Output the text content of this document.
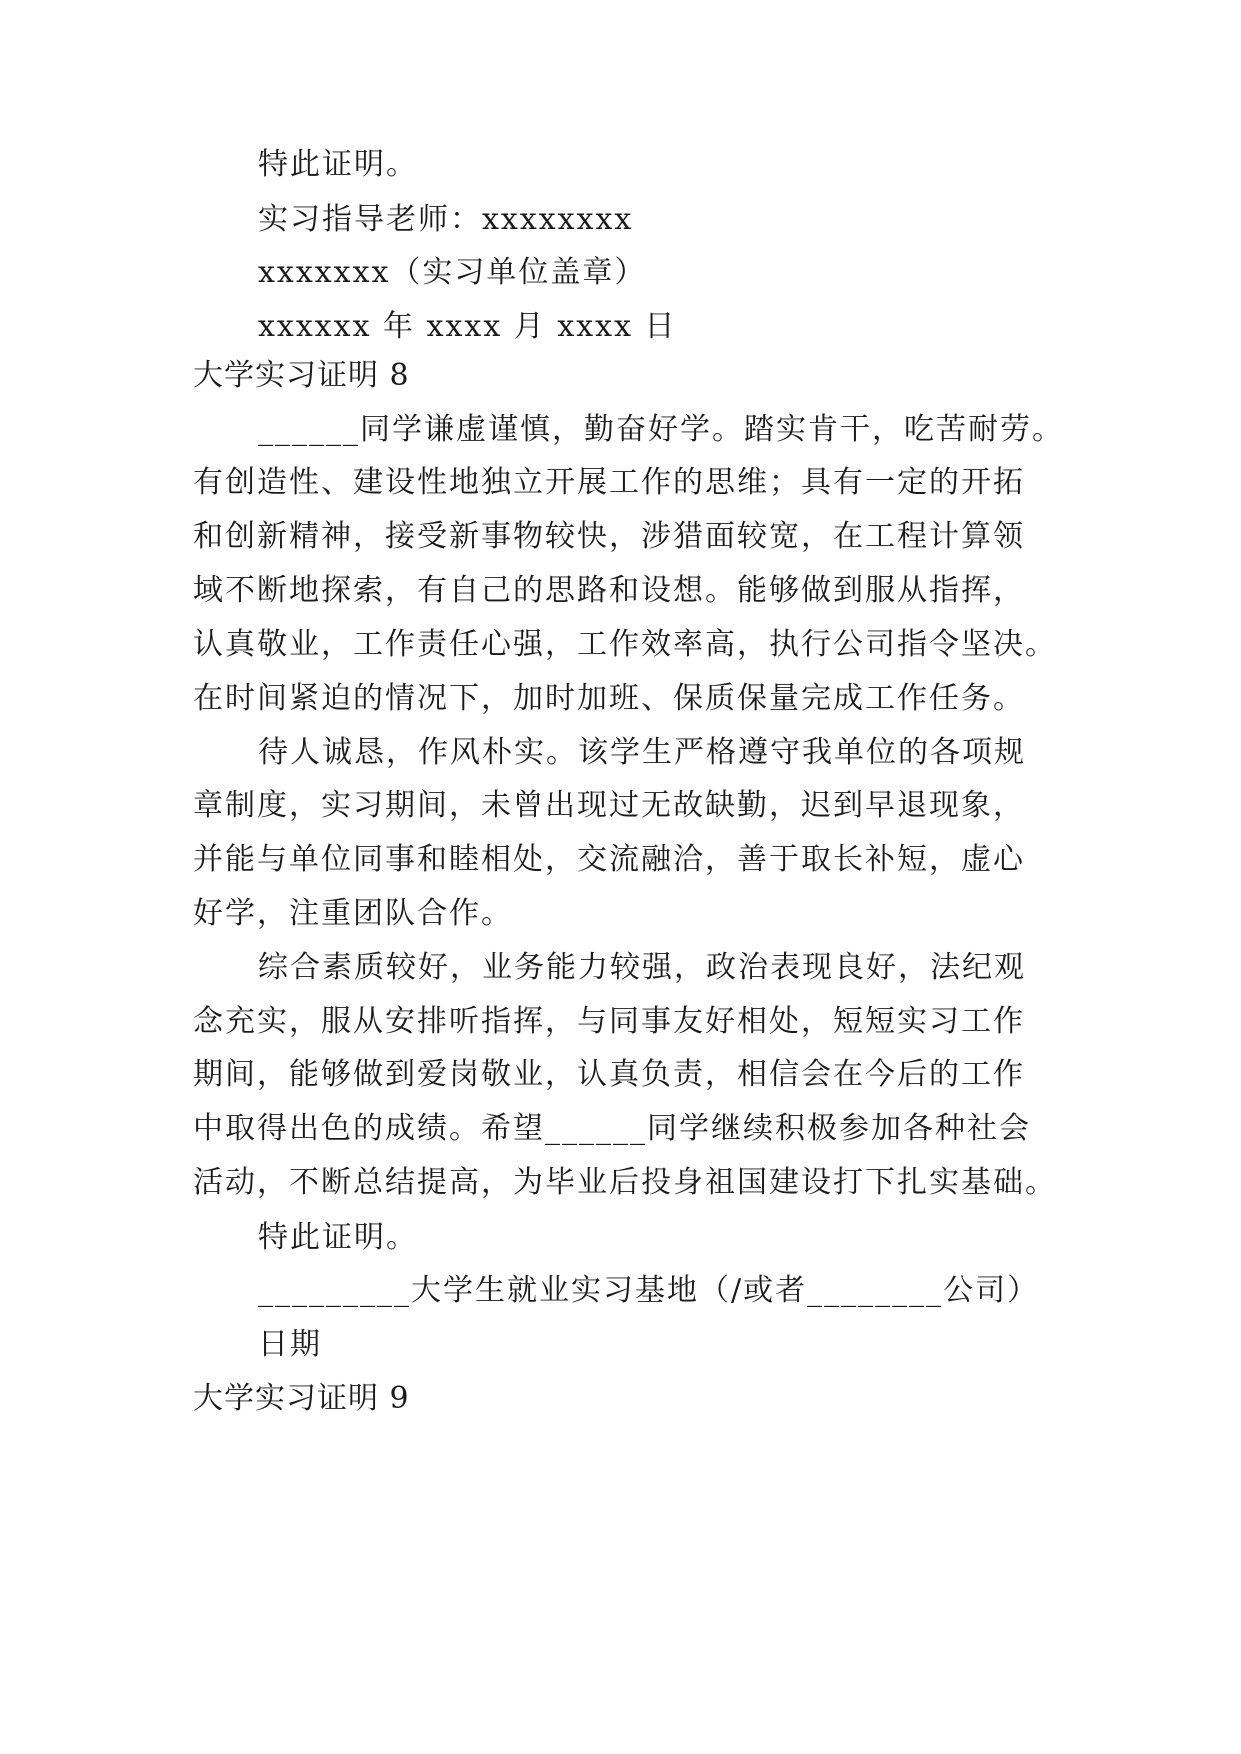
特此证明。
实习指导老师：xxxxxxxx
xxxxxxx（实习单位盖章）
xxxxxx 年 xxxx 月 xxxx 日
大学实习证明 8
______同学谦虚谨慎，勤奋好学。踏实肯干，吃苦耐劳。
有创造性、建设性地独立开展工作的思维；具有一定的开拓
和创新精神，接受新事物较快，涉猎面较宽，在工程计算领
域不断地探索，有自己的思路和设想。能够做到服从指挥，
认真敬业，工作责任心强，工作效率高，执行公司指令坚决。
在时间紧迫的情况下，加时加班、保质保量完成工作任务。
待人诚恳，作风朴实。该学生严格遵守我单位的各项规
章制度，实习期间，未曾出现过无故缺勤，迟到早退现象，
并能与单位同事和睦相处，交流融洽，善于取长补短，虚心
好学，注重团队合作。
综合素质较好，业务能力较强，政治表现良好，法纪观
念充实，服从安排听指挥，与同事友好相处，短短实习工作
期间，能够做到爱岗敬业，认真负责，相信会在今后的工作
中取得出色的成绩。希望______同学继续积极参加各种社会
活动，不断总结提高，为毕业后投身祖国建设打下扎实基础。
特此证明。
_________大学生就业实习基地（/或者________公司）
日期
大学实习证明 9
